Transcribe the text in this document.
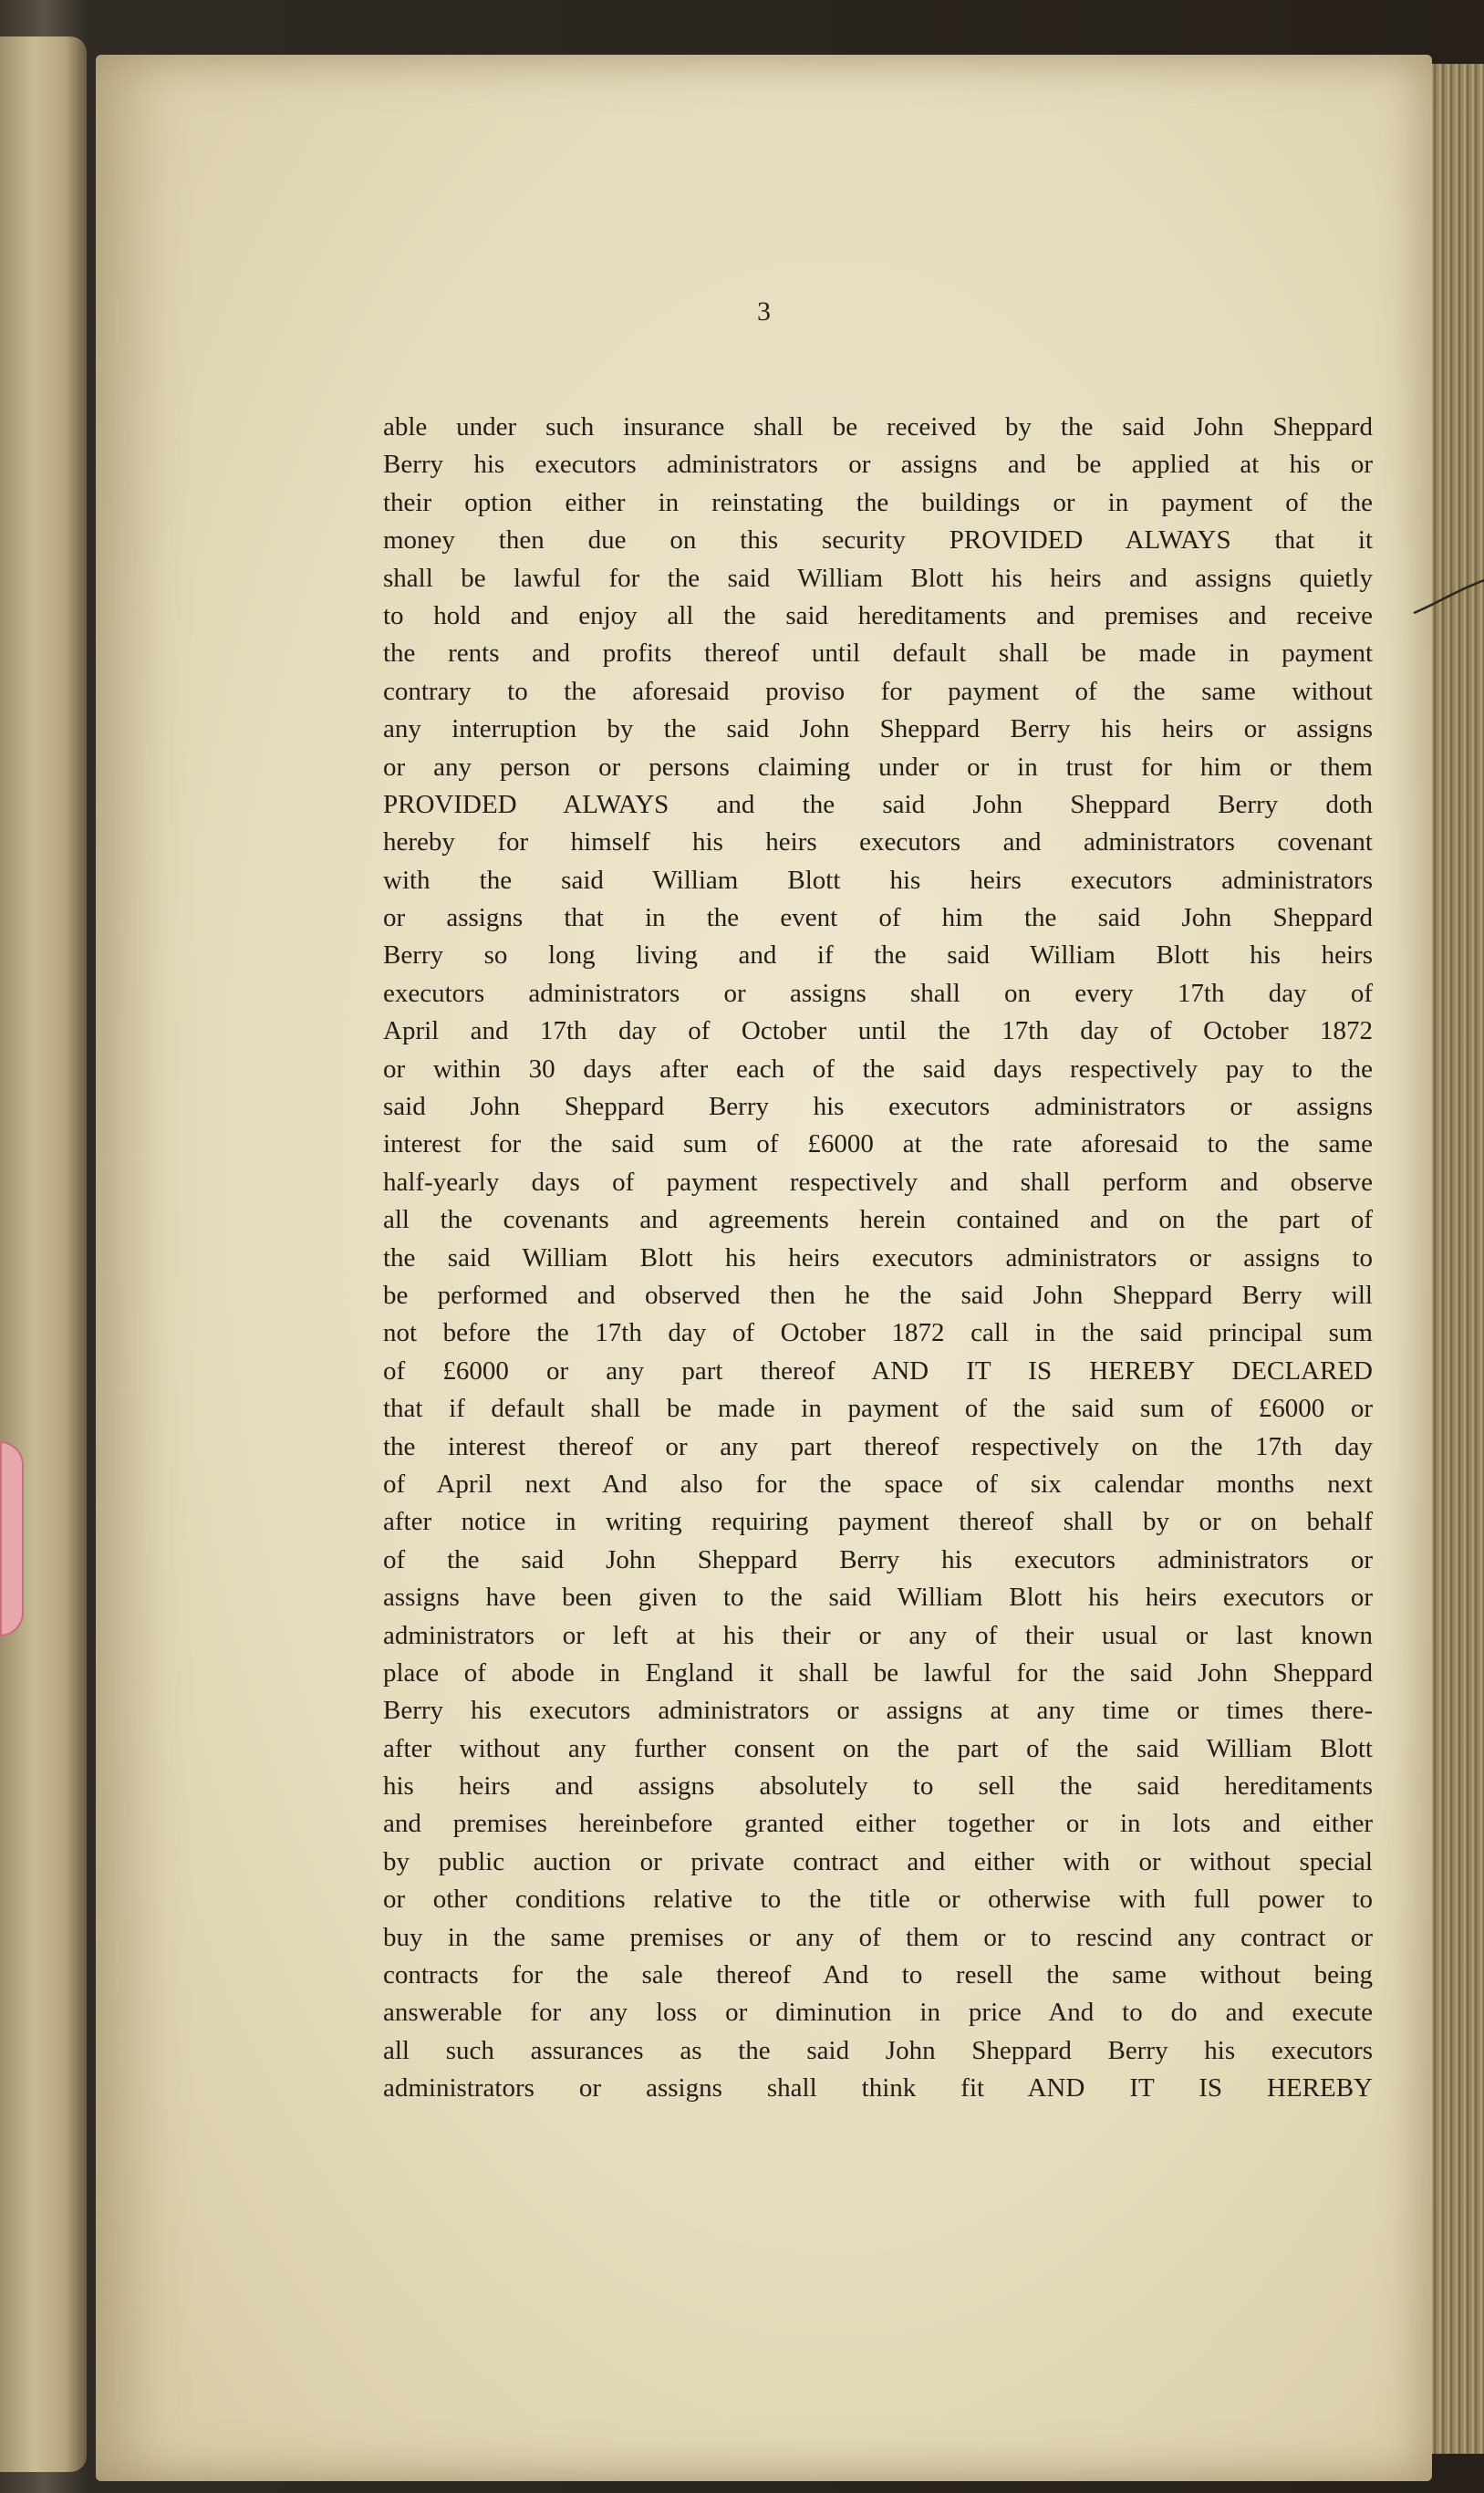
3
able under such insurance shall be received by the said John Sheppard
Berry his executors administrators or assigns and be applied at his or
their option either in reinstating the buildings or in payment of the
money then due on this security PROVIDED ALWAYS that it
shall be lawful for the said William Blott his heirs and assigns quietly
to hold and enjoy all the said hereditaments and premises and receive
the rents and profits thereof until default shall be made in payment
contrary to the aforesaid proviso for payment of the same without
any interruption by the said John Sheppard Berry his heirs or assigns
or any person or persons claiming under or in trust for him or them
PROVIDED ALWAYS and the said John Sheppard Berry doth
hereby for himself his heirs executors and administrators covenant
with the said William Blott his heirs executors administrators
or assigns that in the event of him the said John Sheppard
Berry so long living and if the said William Blott his heirs
executors administrators or assigns shall on every 17th day of
April and 17th day of October until the 17th day of October 1872
or within 30 days after each of the said days respectively pay to the
said John Sheppard Berry his executors administrators or assigns
interest for the said sum of £6000 at the rate aforesaid to the same
half-yearly days of payment respectively and shall perform and observe
all the covenants and agreements herein contained and on the part of
the said William Blott his heirs executors administrators or assigns to
be performed and observed then he the said John Sheppard Berry will
not before the 17th day of October 1872 call in the said principal sum
of £6000 or any part thereof AND IT IS HEREBY DECLARED
that if default shall be made in payment of the said sum of £6000 or
the interest thereof or any part thereof respectively on the 17th day
of April next And also for the space of six calendar months next
after notice in writing requiring payment thereof shall by or on behalf
of the said John Sheppard Berry his executors administrators or
assigns have been given to the said William Blott his heirs executors or
administrators or left at his their or any of their usual or last known
place of abode in England it shall be lawful for the said John Sheppard
Berry his executors administrators or assigns at any time or times there-
after without any further consent on the part of the said William Blott
his heirs and assigns absolutely to sell the said hereditaments
and premises hereinbefore granted either together or in lots and either
by public auction or private contract and either with or without special
or other conditions relative to the title or otherwise with full power to
buy in the same premises or any of them or to rescind any contract or
contracts for the sale thereof And to resell the same without being
answerable for any loss or diminution in price And to do and execute
all such assurances as the said John Sheppard Berry his executors
administrators or assigns shall think fit AND IT IS HEREBY
